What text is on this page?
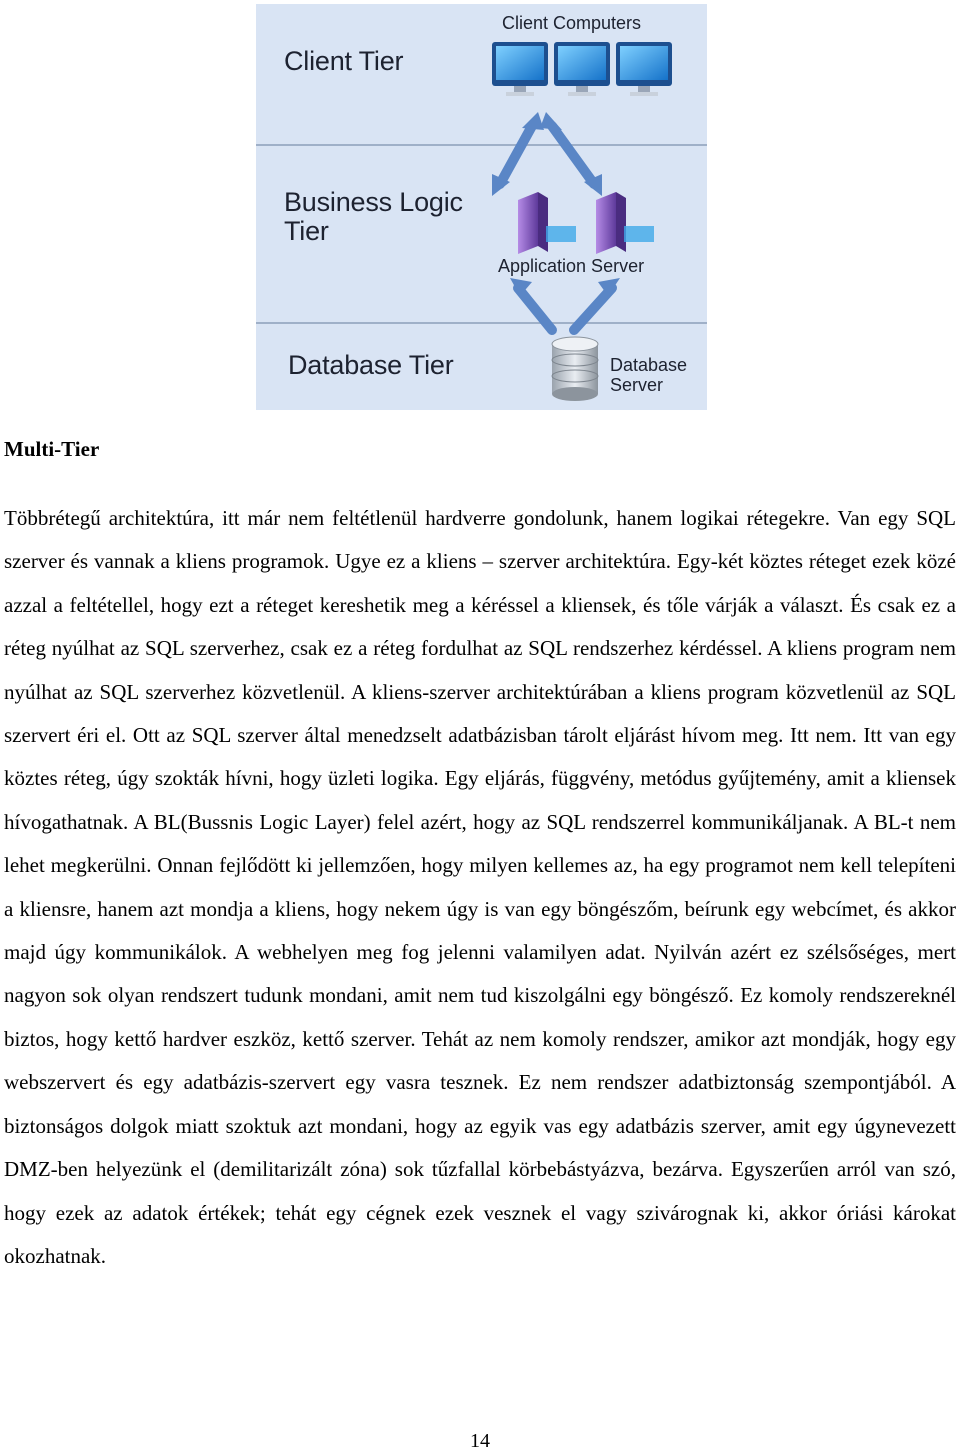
Client Tier
Client Computers
Business Logic
Tier
Application Server
Database Tier	Database
Server
Multi-Tier

Többrétegű architektúra, itt már nem feltétlenül hardverre gondolunk, hanem logikai rétegekre. Van egy SQL szerver és vannak a kliens programok. Ugye ez a kliens – szerver architektúra. Egy-két köztes réteget ezek közé azzal a feltétellel, hogy ezt a réteget kereshetik meg a kéréssel a kliensek, és tőle várják a választ. És csak ez a réteg nyúlhat az SQL szerverhez, csak ez a réteg fordulhat az SQL rendszerhez kérdéssel. A kliens program nem nyúlhat az SQL szerverhez közvetlenül. A kliens-szerver architektúrában a kliens program közvetlenül az SQL szervert éri el. Ott az SQL szerver által menedzselt adatbázisban tárolt eljárást hívom meg. Itt nem. Itt van egy köztes réteg, úgy szokták hívni, hogy üzleti logika. Egy eljárás, függvény, metódus gyűjtemény, amit a kliensek hívogathatnak. A BL(Bussnis Logic Layer) felel azért, hogy az SQL rendszerrel kommunikáljanak. A BL-t nem lehet megkerülni. Onnan fejlődött ki jellemzően, hogy milyen kellemes az, ha egy programot nem kell telepíteni a kliensre, hanem azt mondja a kliens, hogy nekem úgy is van egy böngészőm, beírunk egy webcímet, és akkor majd úgy kommunikálok. A webhelyen meg fog jelenni valamilyen adat. Nyilván azért ez szélsőséges, mert nagyon sok olyan rendszert tudunk mondani, amit nem tud kiszolgálni egy böngésző. Ez komoly rendszereknél biztos, hogy kettő hardver eszköz, kettő szerver. Tehát az nem komoly rendszer, amikor azt mondják, hogy egy webszervert és egy adatbázis-szervert egy vasra tesznek. Ez nem rendszer adatbiztonság szempontjából. A biztonságos dolgok miatt szoktuk azt mondani, hogy az egyik vas egy adatbázis szerver, amit egy úgynevezett DMZ-ben helyezünk el (demilitarizált zóna) sok tűzfallal körbebástyázva, bezárva. Egyszerűen arról van szó, hogy ezek az adatok értékek; tehát egy cégnek ezek vesznek el vagy szivárognak ki, akkor óriási károkat okozhatnak.

14
